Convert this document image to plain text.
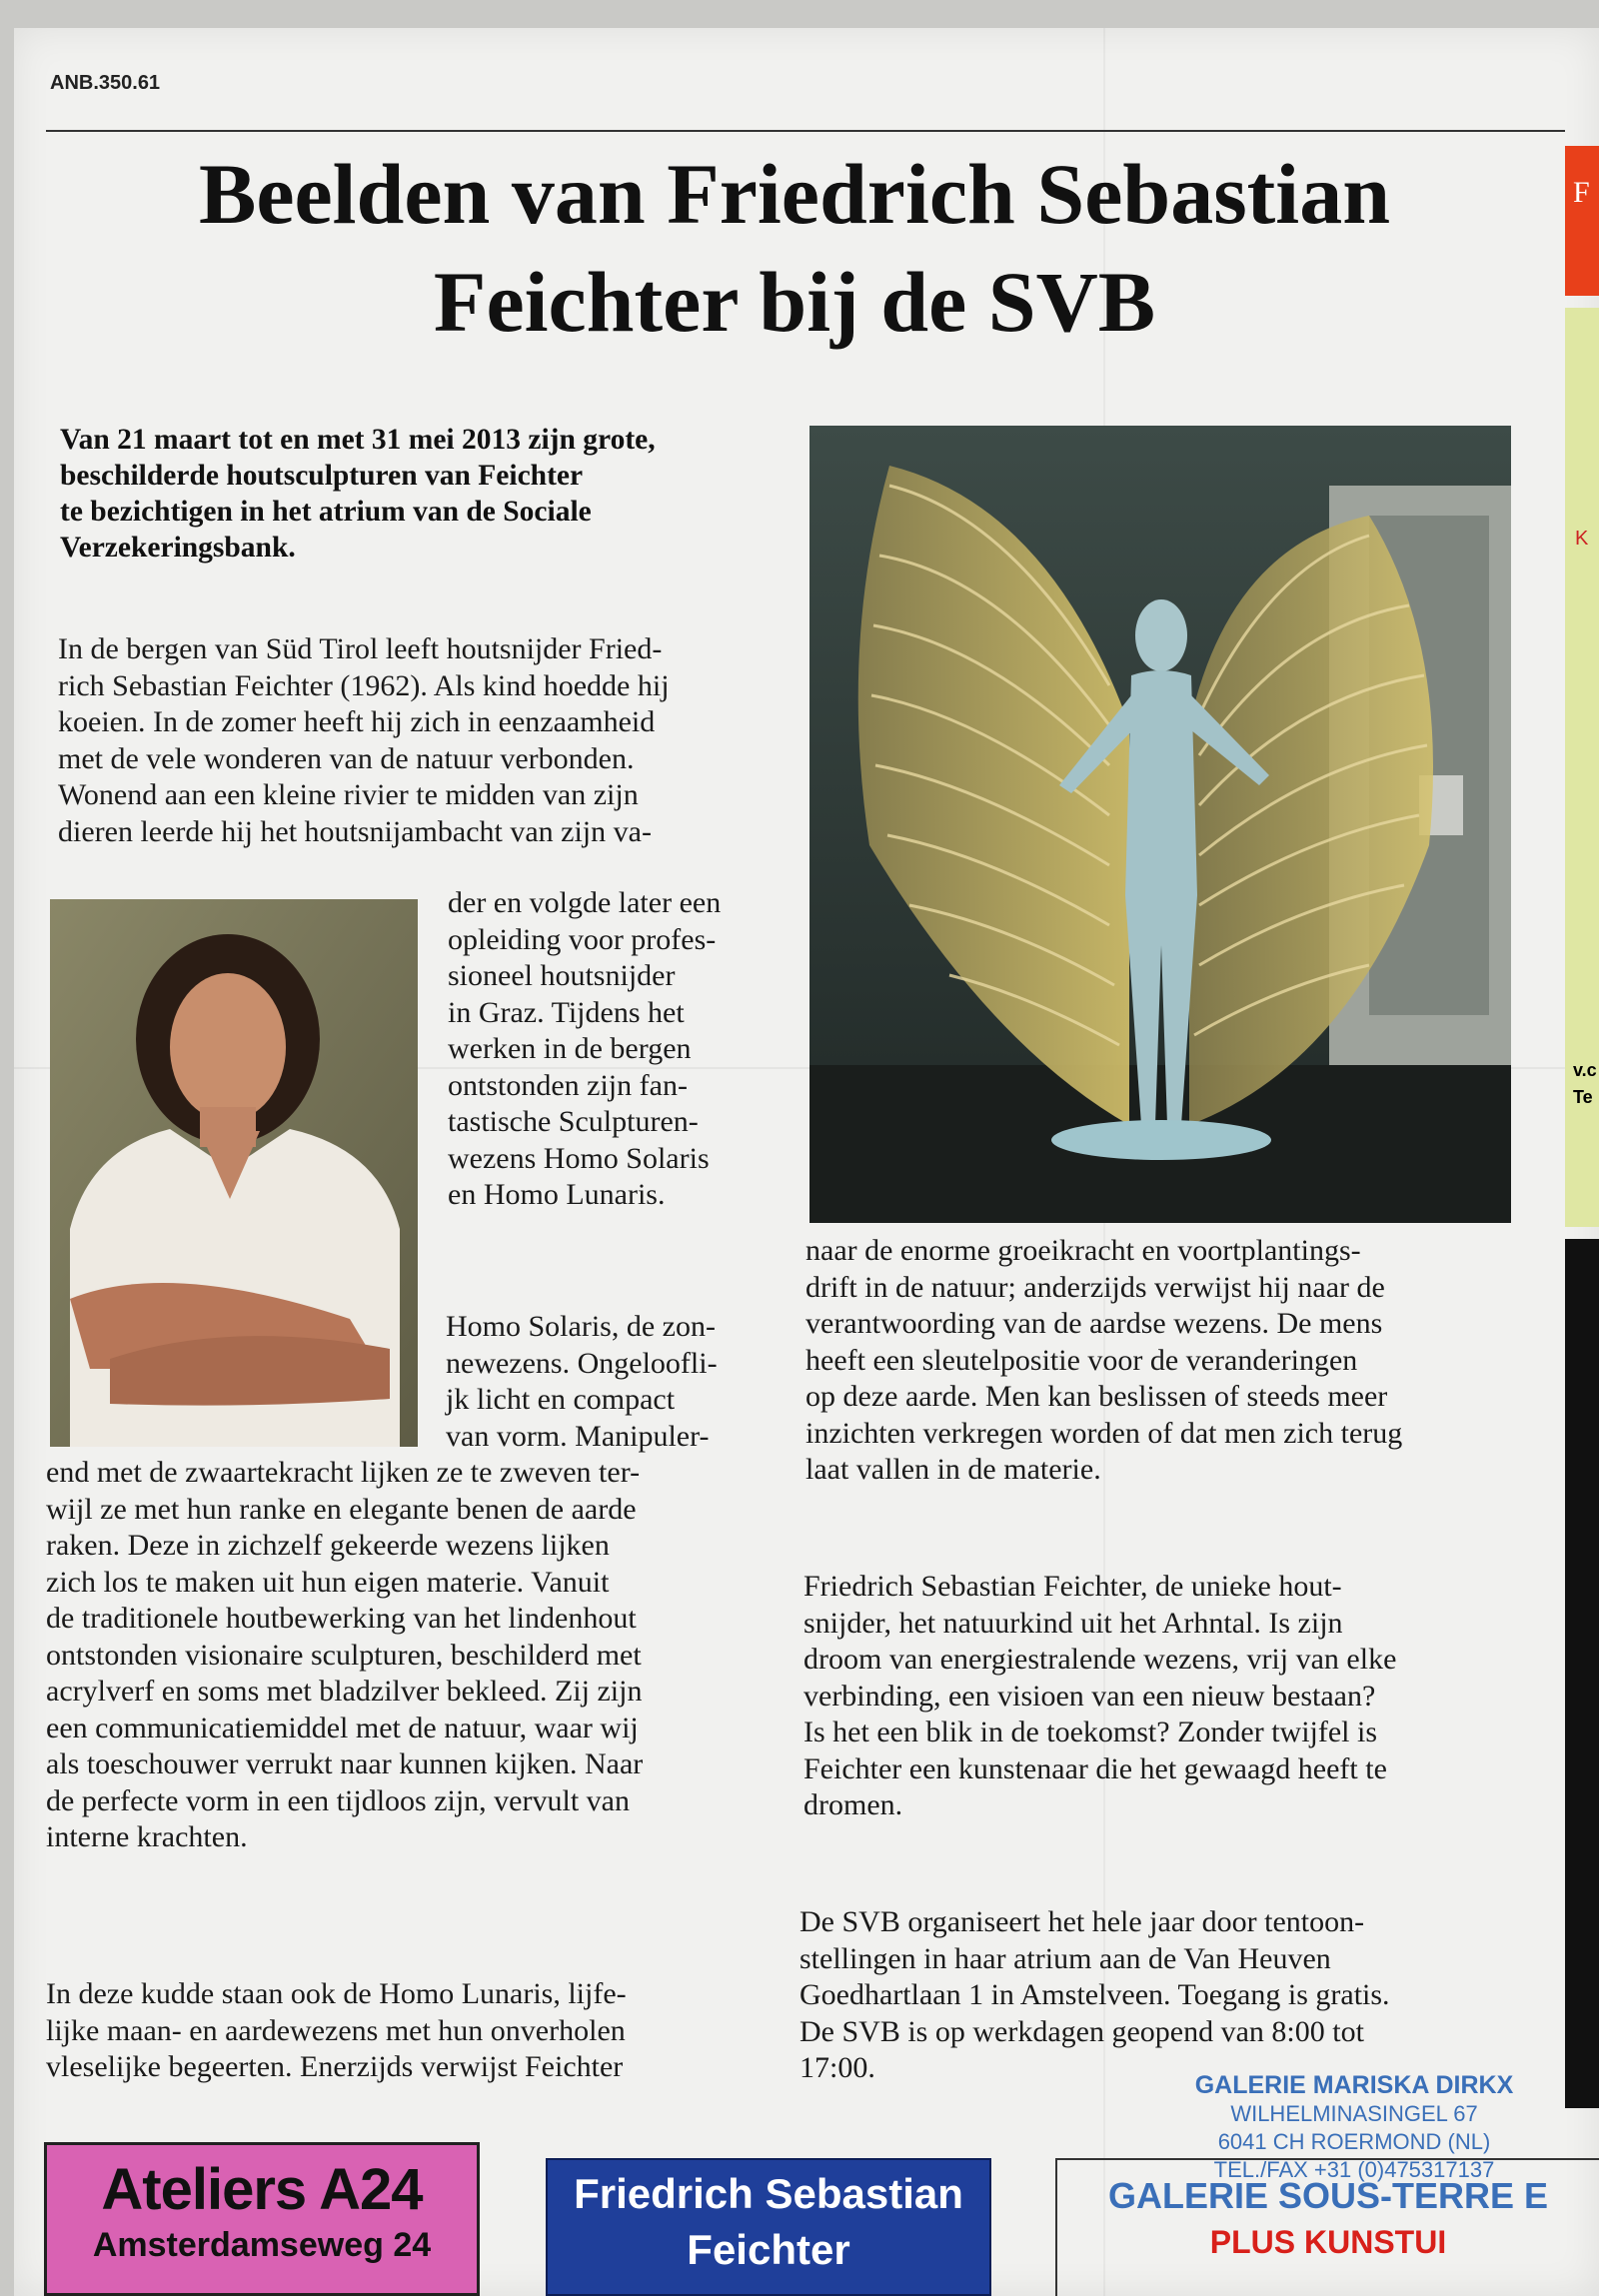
ANB.350.61
Beelden van Friedrich Sebastian
Feichter bij de SVB
Van 21 maart tot en met 31 mei 2013 zijn grote,
beschilderde houtsculpturen van Feichter
te bezichtigen in het atrium van de Sociale
Verzekeringsbank.
In de bergen van Süd Tirol leeft houtsnijder Fried-
rich Sebastian Feichter (1962). Als kind hoedde hij
koeien. In de zomer heeft hij zich in eenzaamheid
met de vele wonderen van de natuur verbonden.
Wonend aan een kleine rivier te midden van zijn
dieren leerde hij het houtsnijambacht van zijn va-
der en volgde later een
opleiding voor profes-
sioneel houtsnijder
in Graz. Tijdens het
werken in de bergen
ontstonden zijn fan-
tastische Sculpturen-
wezens Homo Solaris
en Homo Lunaris.
Homo Solaris, de zon-
newezens. Ongeloofli-
jk licht en compact
van vorm. Manipuler-
end met de zwaartekracht lijken ze te zweven ter-
wijl ze met hun ranke en elegante benen de aarde
raken. Deze in zichzelf gekeerde wezens lijken
zich los te maken uit hun eigen materie. Vanuit
de traditionele houtbewerking van het lindenhout
ontstonden visionaire sculpturen, beschilderd met
acrylverf en soms met bladzilver bekleed. Zij zijn
een communicatiemiddel met de natuur, waar wij
als toeschouwer verrukt naar kunnen kijken. Naar
de perfecte vorm in een tijdloos zijn, vervult van
interne krachten.
In deze kudde staan ook de Homo Lunaris, lijfe-
lijke maan- en aardewezens met hun onverholen
vleselijke begeerten. Enerzijds verwijst Feichter
naar de enorme groeikracht en voortplantings-
drift in de natuur; anderzijds verwijst hij naar de
verantwoording van de aardse wezens. De mens
heeft een sleutelpositie voor de veranderingen
op deze aarde. Men kan beslissen of steeds meer
inzichten verkregen worden of dat men zich terug
laat vallen in de materie.
Friedrich Sebastian Feichter, de unieke hout-
snijder, het natuurkind uit het Arhntal. Is zijn
droom van energiestralende wezens, vrij van elke
verbinding, een visioen van een nieuw bestaan?
Is het een blik in de toekomst? Zonder twijfel is
Feichter een kunstenaar die het gewaagd heeft te
dromen.
De SVB organiseert het hele jaar door tentoon-
stellingen in haar atrium aan de Van Heuven
Goedhartlaan 1 in Amstelveen. Toegang is gratis.
De SVB is op werkdagen geopend van 8:00 tot
17:00.
GALERIE MARISKA DIRKX
WILHELMINASINGEL 67
6041 CH ROERMOND (NL)
TEL./FAX +31 (0)475317137
Ateliers A24
Amsterdamseweg 24
Friedrich Sebastian
Feichter
GALERIE SOUS-TERRE E
PLUS KUNSTUI
F
K
v.c
Te
